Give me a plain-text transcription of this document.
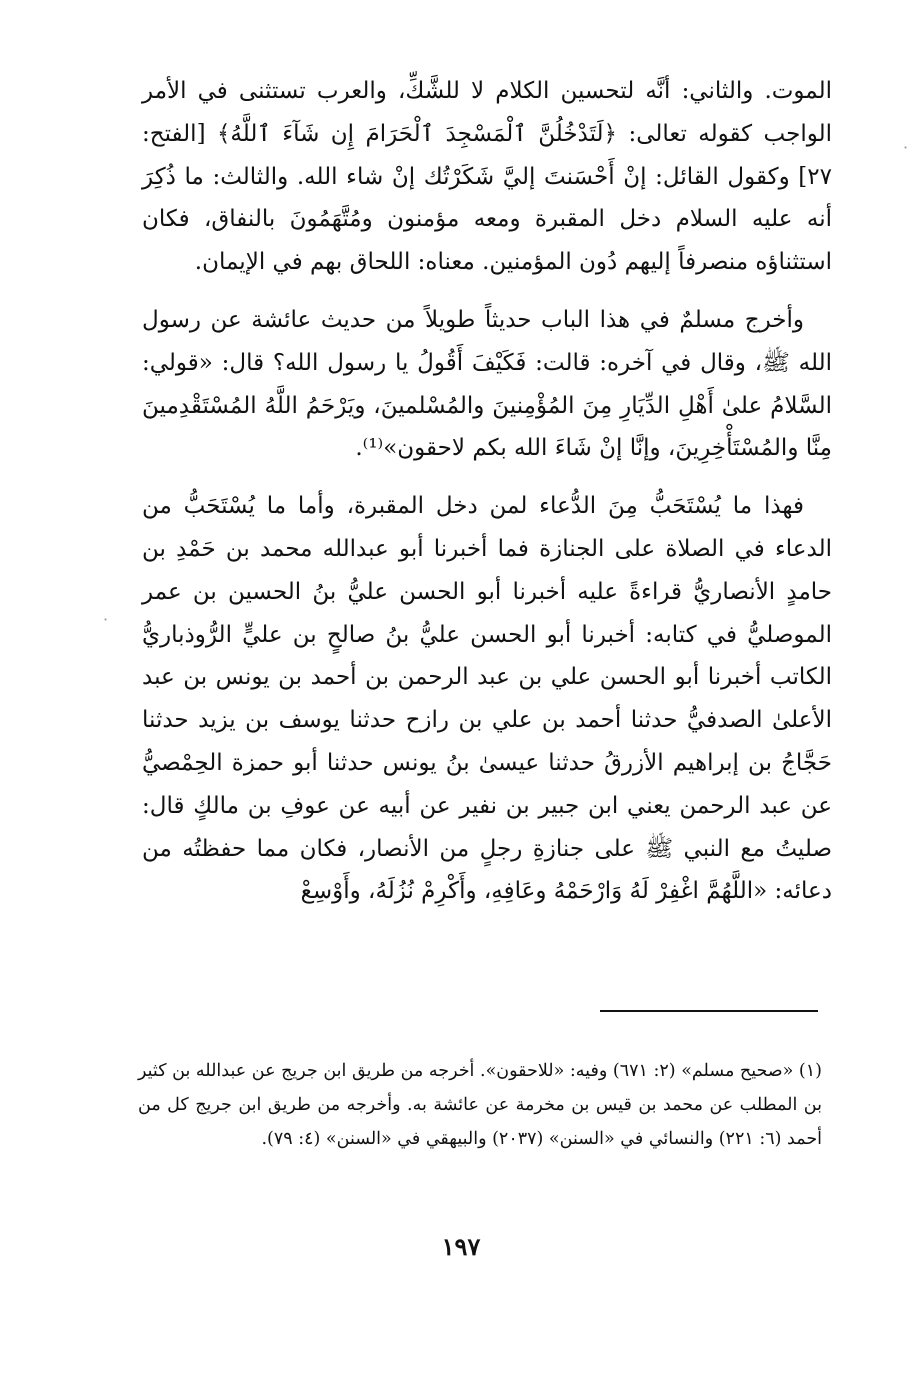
الموت. والثاني: أنَّه لتحسين الكلام لا للشَّكِّ، والعرب تستثنى في الأمر الواجب كقوله تعالى: ﴿لَتَدْخُلُنَّ ٱلْمَسْجِدَ ٱلْحَرَامَ إِن شَآءَ ٱللَّهُ﴾ [الفتح: ٢٧] وكقول القائل: إنْ أَحْسَنتَ إليَّ شَكَرْتُك إنْ شاء الله. والثالث: ما ذُكِرَ أنه عليه السلام دخل المقبرة ومعه مؤمنون ومُتَّهَمُونَ بالنفاق، فكان استثناؤه منصرفاً إليهم دُون المؤمنين. معناه: اللحاق بهم في الإيمان.

وأخرج مسلمٌ في هذا الباب حديثاً طويلاً من حديث عائشة عن رسول الله ﷺ، وقال في آخره: قالت: فَكَيْفَ أَقُولُ يا رسول الله؟ قال: «قولي: السَّلامُ علىٰ أَهْلِ الدِّيَارِ مِنَ المُؤْمِنينَ والمُسْلمينَ، ويَرْحَمُ اللَّهُ المُسْتَقْدِمينَ مِنَّا والمُسْتَأْخِرِينَ، وإنَّا إنْ شَاءَ الله بكم لاحقون»⁽¹⁾.

فهذا ما يُسْتَحَبُّ مِنَ الدُّعاء لمن دخل المقبرة، وأما ما يُسْتَحَبُّ من الدعاء في الصلاة على الجنازة فما أخبرنا أبو عبدالله محمد بن حَمْدِ بن حامدٍ الأنصاريُّ قراءةً عليه أخبرنا أبو الحسن عليُّ بنُ الحسين بن عمر الموصليُّ في كتابه: أخبرنا أبو الحسن عليُّ بنُ صالحٍ بن عليٍّ الرُّوذباريُّ الكاتب أخبرنا أبو الحسن علي بن عبد الرحمن بن أحمد بن يونس بن عبد الأعلىٰ الصدفيُّ حدثنا أحمد بن علي بن رازح حدثنا يوسف بن يزيد حدثنا حَجَّاجُ بن إبراهيم الأزرقُ حدثنا عيسىٰ بنُ يونس حدثنا أبو حمزة الحِمْصيُّ عن عبد الرحمن يعني ابن جبير بن نفير عن أبيه عن عوفِ بن مالكٍ قال: صليتُ مع النبي ﷺ على جنازةِ رجلٍ من الأنصار، فكان مما حفظتُه من دعائه: «اللَّهُمَّ اغْفِرْ لَهُ وَارْحَمْهُ وعَافِهِ، وأَكْرِمْ نُزُلَهُ، وأَوْسِعْ

(١) «صحيح مسلم» (٢: ٦٧١) وفيه: «للاحقون». أخرجه من طريق ابن جريج عن عبدالله بن كثير بن المطلب عن محمد بن قيس بن مخرمة عن عائشة به. وأخرجه من طريق ابن جريج كل من أحمد (٦: ٢٢١) والنسائي في «السنن» (٢٠٣٧) والبيهقي في «السنن» (٤: ٧٩).

١٩٧
·
·
